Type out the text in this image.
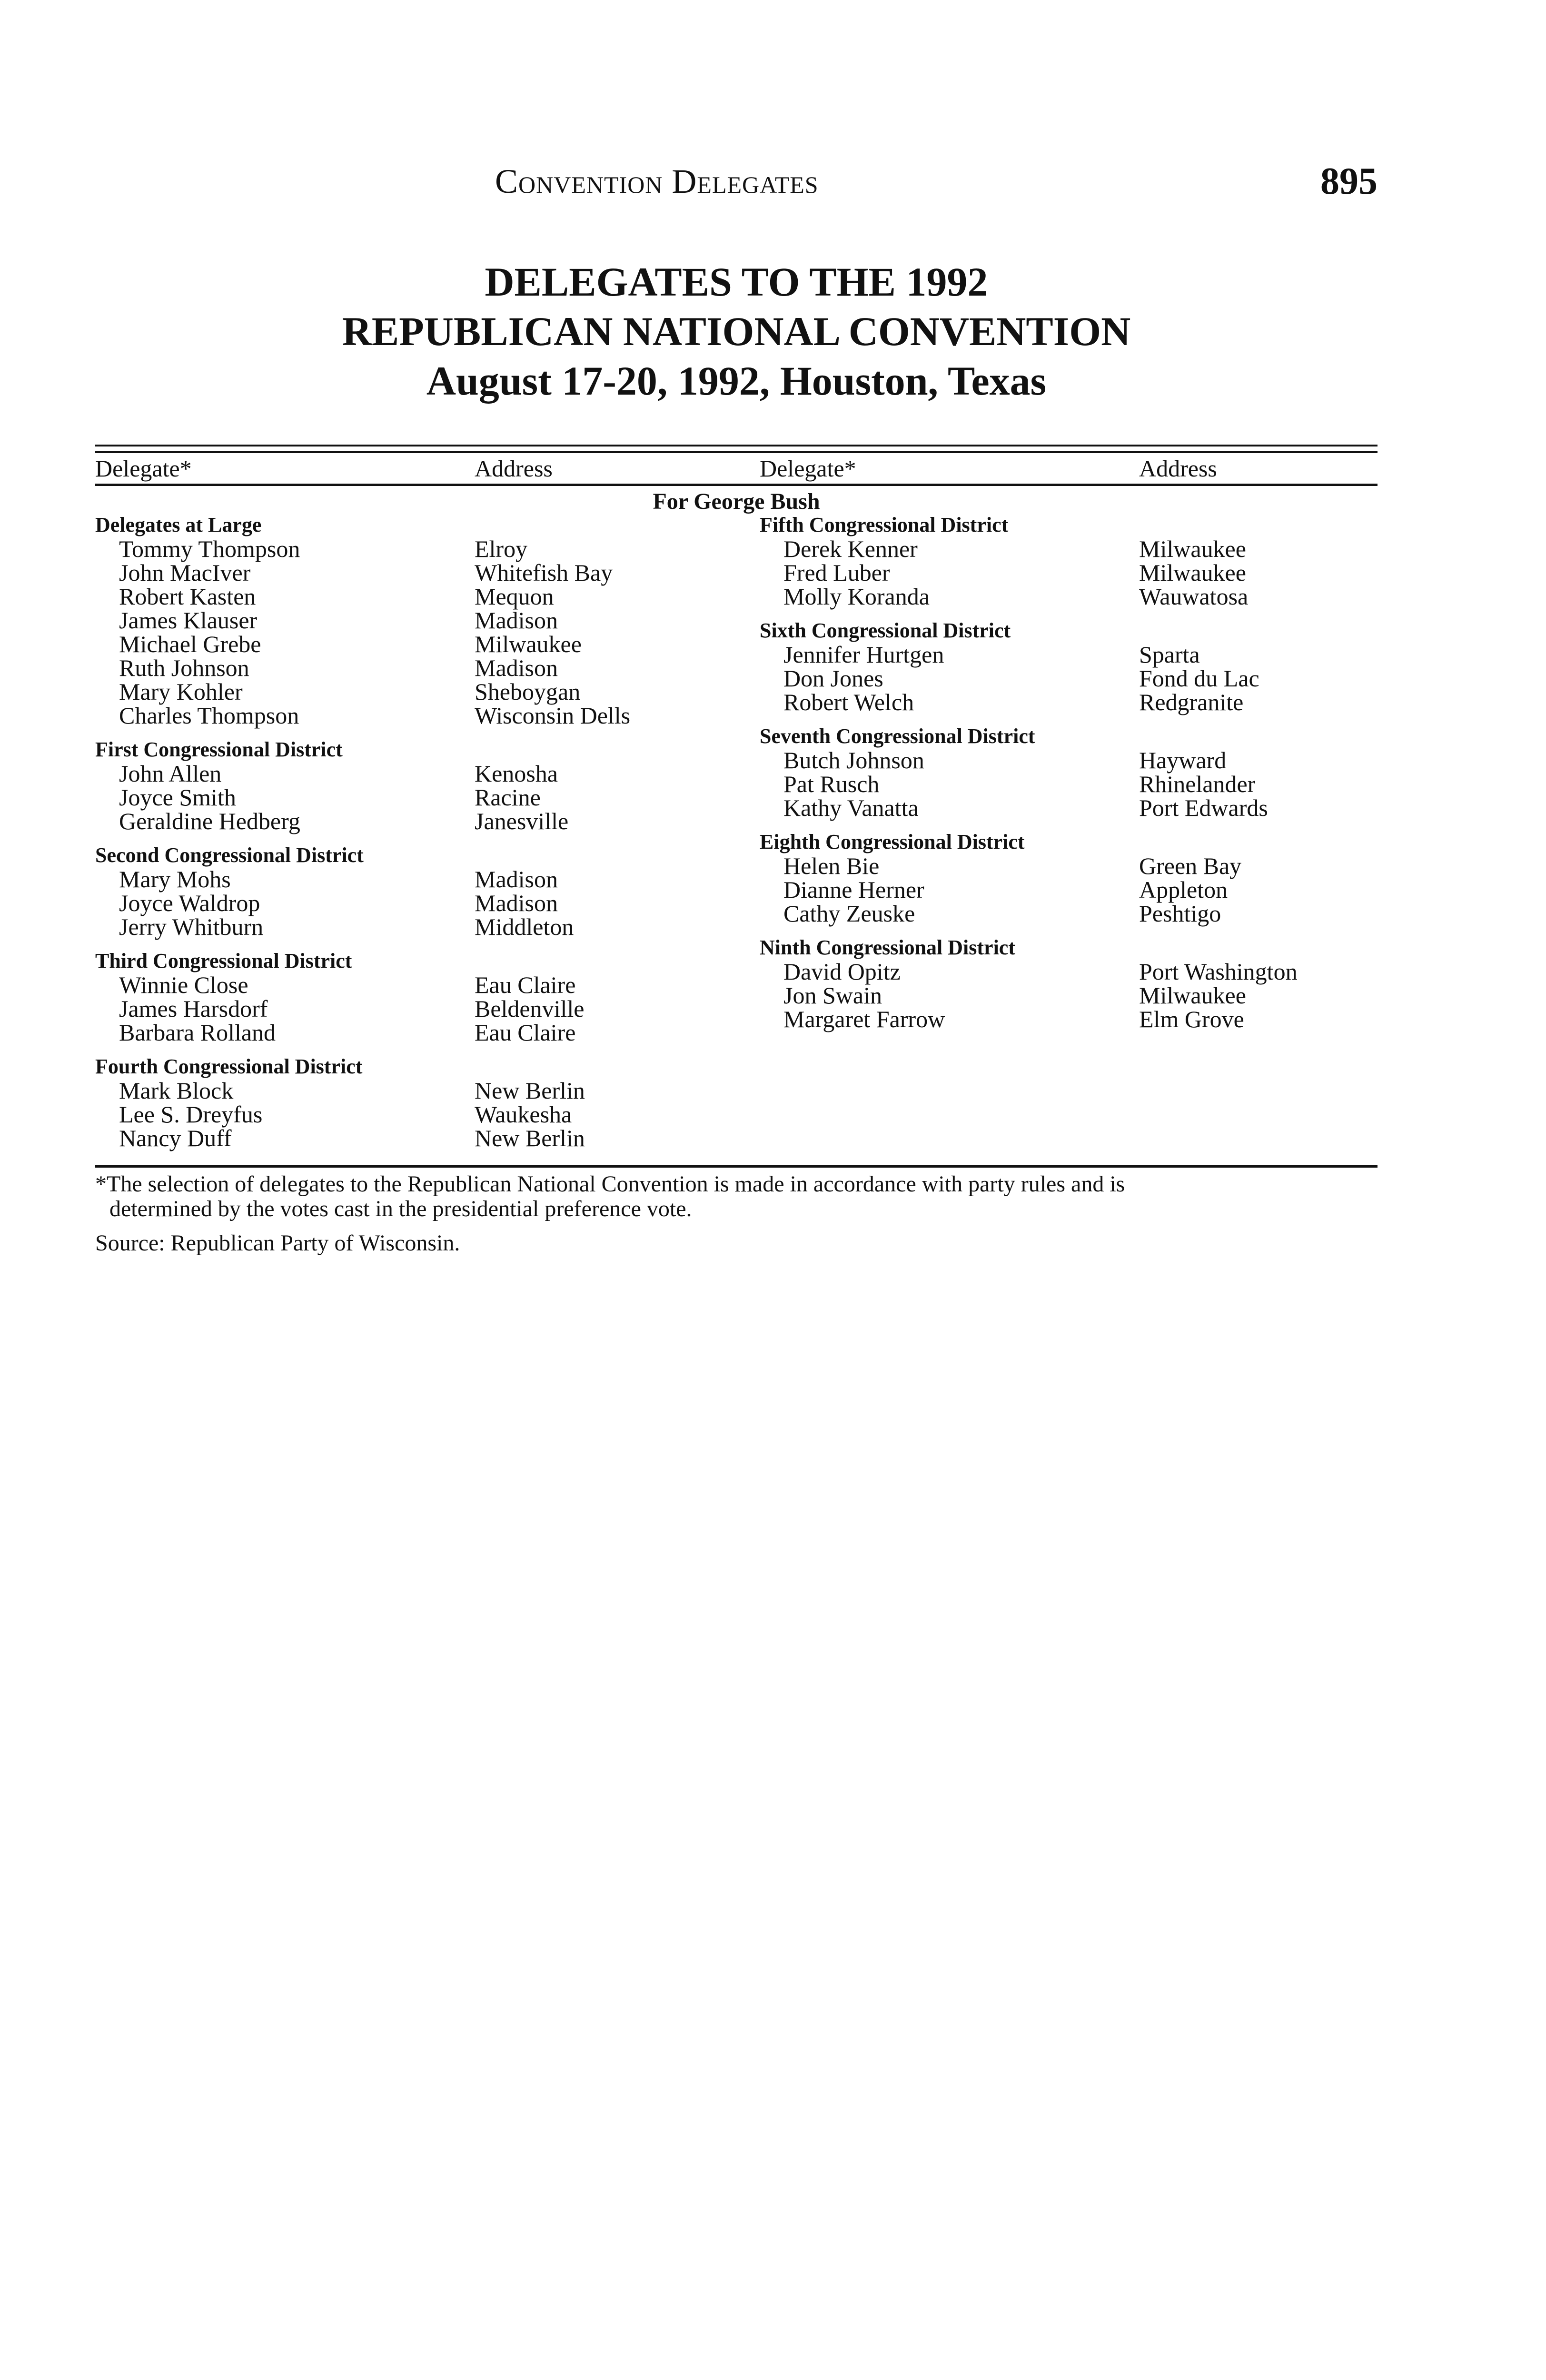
Convention Delegates	895
DELEGATES TO THE 1992
REPUBLICAN NATIONAL CONVENTION
August 17-20, 1992, Houston, Texas
Delegate*	Address	Delegate*	Address
For George Bush
Delegates at Large
Tommy Thompson	Elroy
John MacIver	Whitefish Bay
Robert Kasten	Mequon
James Klauser	Madison
Michael Grebe	Milwaukee
Ruth Johnson	Madison
Mary Kohler	Sheboygan
Charles Thompson	Wisconsin Dells
First Congressional District
John Allen	Kenosha
Joyce Smith	Racine
Geraldine Hedberg	Janesville
Second Congressional District
Mary Mohs	Madison
Joyce Waldrop	Madison
Jerry Whitburn	Middleton
Third Congressional District
Winnie Close	Eau Claire
James Harsdorf	Beldenville
Barbara Rolland	Eau Claire
Fourth Congressional District
Mark Block	New Berlin
Lee S. Dreyfus	Waukesha
Nancy Duff	New Berlin
Fifth Congressional District
Derek Kenner	Milwaukee
Fred Luber	Milwaukee
Molly Koranda	Wauwatosa
Sixth Congressional District
Jennifer Hurtgen	Sparta
Don Jones	Fond du Lac
Robert Welch	Redgranite
Seventh Congressional District
Butch Johnson	Hayward
Pat Rusch	Rhinelander
Kathy Vanatta	Port Edwards
Eighth Congressional District
Helen Bie	Green Bay
Dianne Herner	Appleton
Cathy Zeuske	Peshtigo
Ninth Congressional District
David Opitz	Port Washington
Jon Swain	Milwaukee
Margaret Farrow	Elm Grove
*The selection of delegates to the Republican National Convention is made in accordance with party rules and is
determined by the votes cast in the presidential preference vote.
Source: Republican Party of Wisconsin.
